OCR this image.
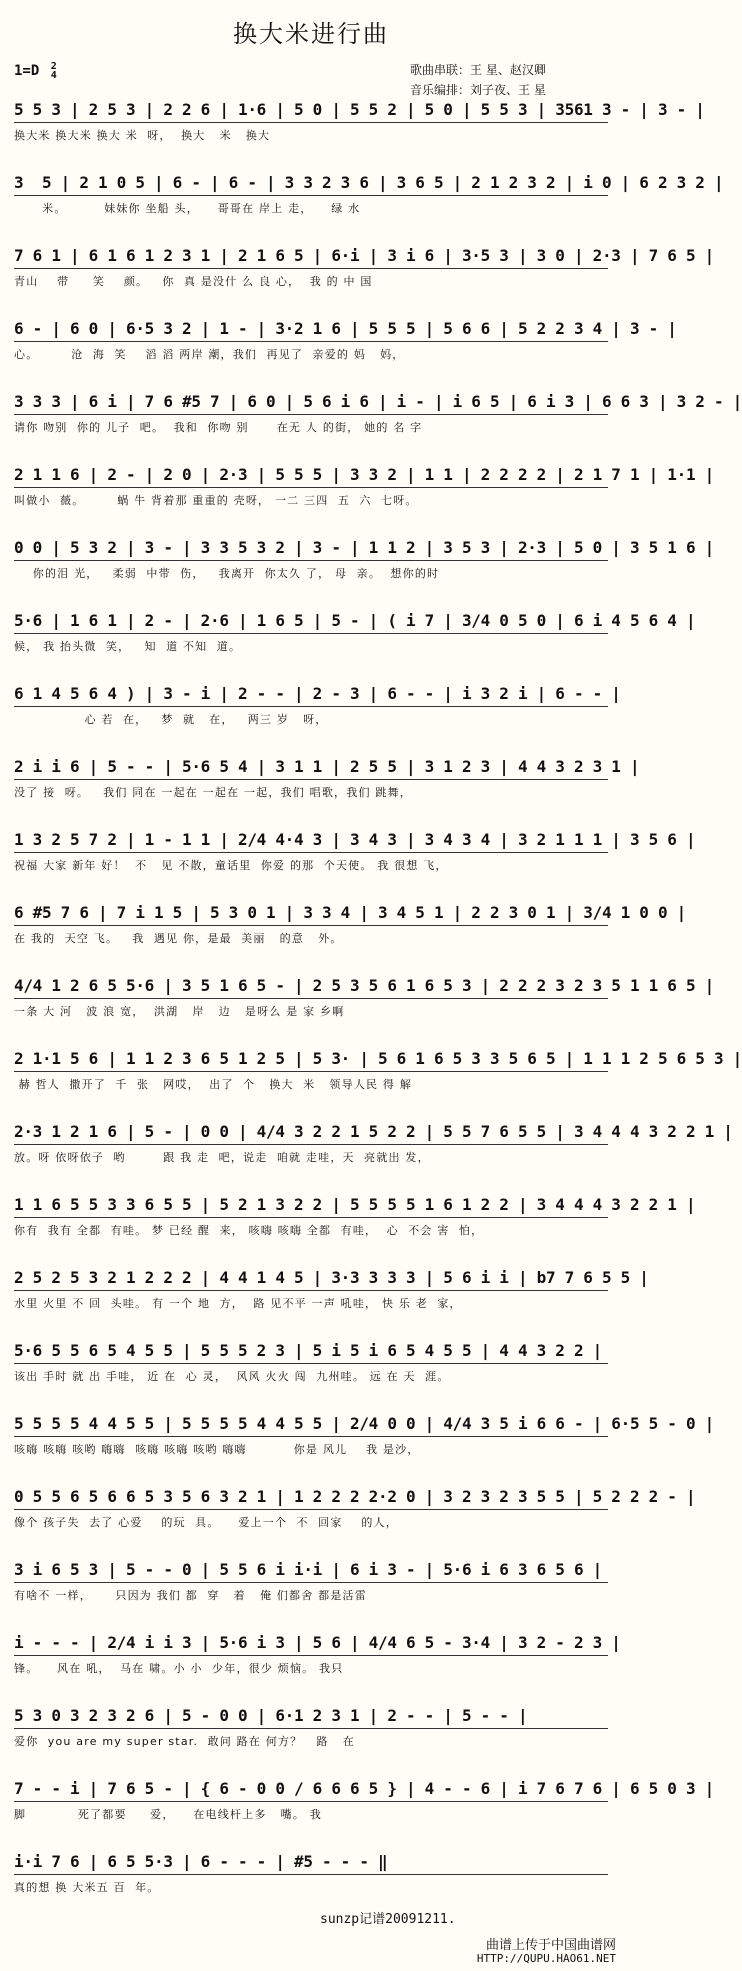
换大米进行曲
1=D 2
4	歌曲串联：王 星、赵汉卿
音乐编排：刘子夜、王 星
5 5 3 | 2 5 3 | 2 2 6 | 1·6 | 5 0 | 5 5 2 | 5 0 | 5 5 3 | 3561 3 - | 3 - |
换大米 换大米 换大 米  呀，  换大   米   换大
3  5 | 2 1 0 5 | 6 - | 6 - | 3 3 2 3 6 | 3 6 5 | 2 1 2 3 2 | i 0 | 6 2 3 2 |
米。        妹妹你 坐船 头，    哥哥在 岸上 走，    绿 水
7 6 1 | 6 1 6 1 2 3 1 | 2 1 6 5 | 6·i | 3 i 6 | 3·5 3 | 3 0 | 2·3 | 7 6 5 |
青山    带     笑    颜。   你  真 是没什 么 良 心，  我 的 中 国
6 - | 6 0 | 6·5 3 2 | 1 - | 3·2 1 6 | 5 5 5 | 5 6 6 | 5 2 2 3 4 | 3 - |
心。       沧  海  笑    滔 滔 两岸 潮，我们  再见了  亲爱的 妈   妈，
3 3 3 | 6 i | 7 6 #5 7 | 6 0 | 5 6 i 6 | i - | i 6 5 | 6 i 3 | 6 6 3 | 3 2 - |
请你 吻别  你的 儿子  吧。  我和  你吻 别      在无 人 的街， 她的 名 字
2 1 1 6 | 2 - | 2 0 | 2·3 | 5 5 5 | 3 3 2 | 1 1 | 2 2 2 2 | 2 1 7 1 | 1·1 |
叫做小  薇。       蜗 牛 背着那 重重的 壳呀， 一二 三四  五  六  七呀。
0 0 | 5 3 2 | 3 - | 3 3 5 3 2 | 3 - | 1 1 2 | 3 5 3 | 2·3 | 5 0 | 3 5 1 6 |
你的泪 光，   柔弱  中带  伤，   我离开  你太久 了， 母  亲。  想你的时
5·6 | 1 6 1 | 2 - | 2·6 | 1 6 5 | 5 - | ( i 7 | 3/4 0 5 0 | 6 i 4 5 6 4 |
候， 我 抬头微  笑，   知  道 不知  道。
6 1 4 5 6 4 ) | 3 - i | 2 - - | 2 - 3 | 6 - - | i 3 2 i | 6 - - |
心 若  在，   梦  就   在，   两三 岁   呀，
2 i i 6 | 5 - - | 5·6 5 4 | 3 1 1 | 2 5 5 | 3 1 2 3 | 4 4 3 2 3 1 |
没了 接  呀。   我们 同在 一起在 一起在 一起，我们 唱歌，我们 跳舞，
1 3 2 5 7 2 | 1 - 1 1 | 2/4 4·4 3 | 3 4 3 | 3 4 3 4 | 3 2 1 1 1 | 3 5 6 |
祝福 大家 新年 好！  不   见 不散，童话里  你爱 的那  个天使。 我 很想 飞，
6 #5 7 6 | 7 i 1 5 | 5 3 0 1 | 3 3 4 | 3 4 5 1 | 2 2 3 0 1 | 3/4 1 0 0 |
在 我的  天空 飞。   我  遇见 你，是最  美丽   的意   外。
4/4 1 2 6 5 5·6 | 3 5 1 6 5 - | 2 5 3 5 6 1 6 5 3 | 2 2 2 3 2 3 5 1 1 6 5 |
一条 大 河   波 浪 宽，  洪湖   岸   边   是呀么 是 家 乡啊
2 1·1 5 6 | 1 1 2 3 6 5 1 2 5 | 5 3· | 5 6 1 6 5 3 3 5 6 5 | 1 1 1 2 5 6 5 3 |
赫 哲人  撒开了  千  张   网哎，  出了  个   换大  米   领导人民 得 解
2·3 1 2 1 6 | 5 - | 0 0 | 4/4 3 2 2 1 5 2 2 | 5 5 7 6 5 5 | 3 4 4 4 3 2 2 1 |
放。呀 依呀依子  哟        跟 我 走  吧，说走  咱就 走哇，天  亮就出 发，
1 1 6 5 5 3 3 6 5 5 | 5 2 1 3 2 2 | 5 5 5 5 1 6 1 2 2 | 3 4 4 4 3 2 2 1 |
你有  我有 全都  有哇。 梦 已经 醒  来， 咳嗨 咳嗨 全都  有哇，  心  不会 害  怕，
2 5 2 5 3 2 1 2 2 2 | 4 4 1 4 5 | 3·3 3 3 3 | 5 6 i i | b7 7 6 5 5 |
水里 火里 不 回  头哇。 有 一个 地  方，  路 见不平 一声 吼哇， 快 乐 老  家，
5·6 5 5 6 5 4 5 5 | 5 5 5 2 3 | 5 i 5 i 6 5 4 5 5 | 4 4 3 2 2 |
该出 手时 就 出 手哇， 近 在  心 灵，  风风 火火 闯  九州哇。 远 在 天  涯。
5 5 5 5 4 4 5 5 | 5 5 5 5 4 4 5 5 | 2/4 0 0 | 4/4 3 5 i 6 6 - | 6·5 5 - 0 |
咳嗨 咳嗨 咳哟 嗨嗨  咳嗨 咳嗨 咳哟 嗨嗨          你是 风儿    我 是沙，
0 5 5 6 5 6 6 5 3 5 6 3 2 1 | 1 2 2 2 2·2 0 | 3 2 3 2 3 5 5 | 5 2 2 2 - |
像个 孩子失  去了 心爱    的玩  具。    爱上一个  不  回家    的人，
3 i 6 5 3 | 5 - - 0 | 5 5 6 i i·i | 6 i 3 - | 5·6 i 6 3 6 5 6 |
有啥不 一样，     只因为 我们 都  穿   着   俺 们都舍 都是活雷
i - - - | 2/4 i i 3 | 5·6 i 3 | 5 6 | 4/4 6 5 - 3·4 | 3 2 - 2 3 |
锋。    风在 吼，  马在 啸。小 小  少年，很少 烦恼。 我只
5 3 0 3 2 3 2 6 | 5 - 0 0 | 6·1 2 3 1 | 2 - - | 5 - - |
爱你  you are my super star.  敢问 路在 何方？   路   在
7 - - i | 7 6 5 - | { 6 - 0 0 / 6 6 6 5 } | 4 - - 6 | i 7 6 7 6 | 6 5 0 3 |
脚           死了都要     爱，    在电线杆上多   嘴。 我
i·i 7 6 | 6 5 5·3 | 6 - - - | #5 - - - ‖
真的想 换 大米五 百  年。
sunzp记谱20091211.
曲谱上传于中国曲谱网
HTTP://QUPU.HAO61.NET
